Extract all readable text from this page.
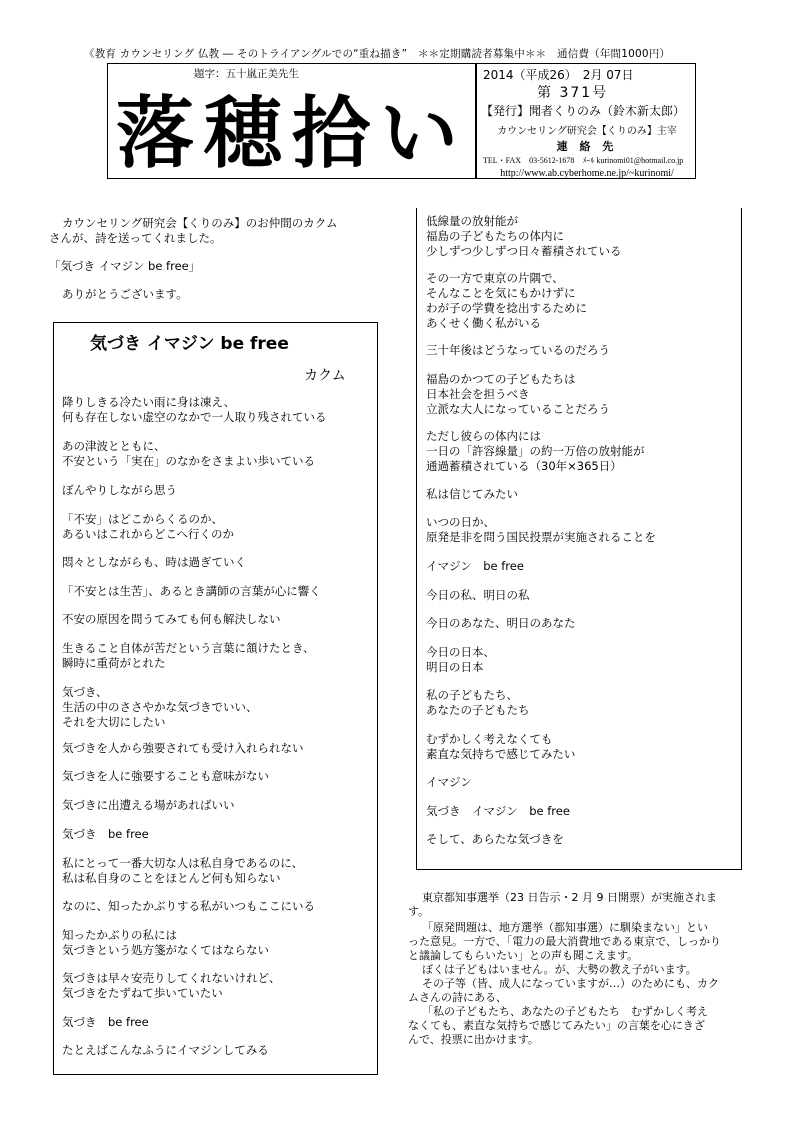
《教育 カウンセリング 仏教 ― そのトライアングルでの“重ね描き”　＊＊定期購読者募集中＊＊　通信費（年間1000円）
題字：五十嵐正美先生
落穂拾い
2014（平成26）　2月 07日
第 371号
【発行】聞者くりのみ（鈴木新太郎）
カウンセリング研究会【くりのみ】主宰
連 絡 先
TEL・FAX　03-5612-1678　ﾒｰﾙ kurinomi01@hotmail.co.jp
http://www.ab.cyberhome.ne.jp/~kurinomi/
カウンセリング研究会【くりのみ】のお仲間のカクム
さんが、詩を送ってくれました。
「気づき イマジン be free」
ありがとうございます。
気づき イマジン be free
カクム
降りしきる冷たい雨に身は凍え、
何も存在しない虚空のなかで一人取り残されている
あの津波とともに、
不安という「実在」のなかをさまよい歩いている
ぼんやりしながら思う
「不安」はどこからくるのか、
あるいはこれからどこへ行くのか
悶々としながらも、時は過ぎていく
「不安とは生苦」、あるとき講師の言葉が心に響く
不安の原因を問うてみても何も解決しない
生きること自体が苦だという言葉に頷けたとき、
瞬時に重荷がとれた
気づき、
生活の中のささやかな気づきでいい、
それを大切にしたい
気づきを人から強要されても受け入れられない
気づきを人に強要することも意味がない
気づきに出遭える場があればいい
気づき　be free
私にとって一番大切な人は私自身であるのに、
私は私自身のことをほとんど何も知らない
なのに、知ったかぶりする私がいつもここにいる
知ったかぶりの私には
気づきという処方箋がなくてはならない
気づきは早々安売りしてくれないけれど、
気づきをたずねて歩いていたい
気づき　be free
たとえばこんなふうにイマジンしてみる
低線量の放射能が
福島の子どもたちの体内に
少しずつ少しずつ日々蓄積されている
その一方で東京の片隅で、
そんなことを気にもかけずに
わが子の学費を捻出するために
あくせく働く私がいる
三十年後はどうなっているのだろう
福島のかつての子どもたちは
日本社会を担うべき
立派な大人になっていることだろう
ただし彼らの体内には
一日の「許容線量」の約一万倍の放射能が
通過蓄積されている（30年×365日）
私は信じてみたい
いつの日か、
原発是非を問う国民投票が実施されることを
イマジン　be free
今日の私、明日の私
今日のあなた、明日のあなた
今日の日本、
明日の日本
私の子どもたち、
あなたの子どもたち
むずかしく考えなくても
素直な気持ちで感じてみたい
イマジン
気づき　イマジン　be free
そして、あらたな気づきを
東京都知事選挙（23 日告示・2 月 9 日開票）が実施されま
す。
「原発問題は、地方選挙（都知事選）に馴染まない」とい
った意見。一方で、「電力の最大消費地である東京で、しっかり
と議論してもらいたい」との声も聞こえます。
ぼくは子どもはいません。が、大勢の教え子がいます。
その子等（皆、成人になっていますが…）のためにも、カク
ムさんの詩にある、
「私の子どもたち、あなたの子どもたち　むずかしく考え
なくても、素直な気持ちで感じてみたい」の言葉を心にきざ
んで、投票に出かけます。
